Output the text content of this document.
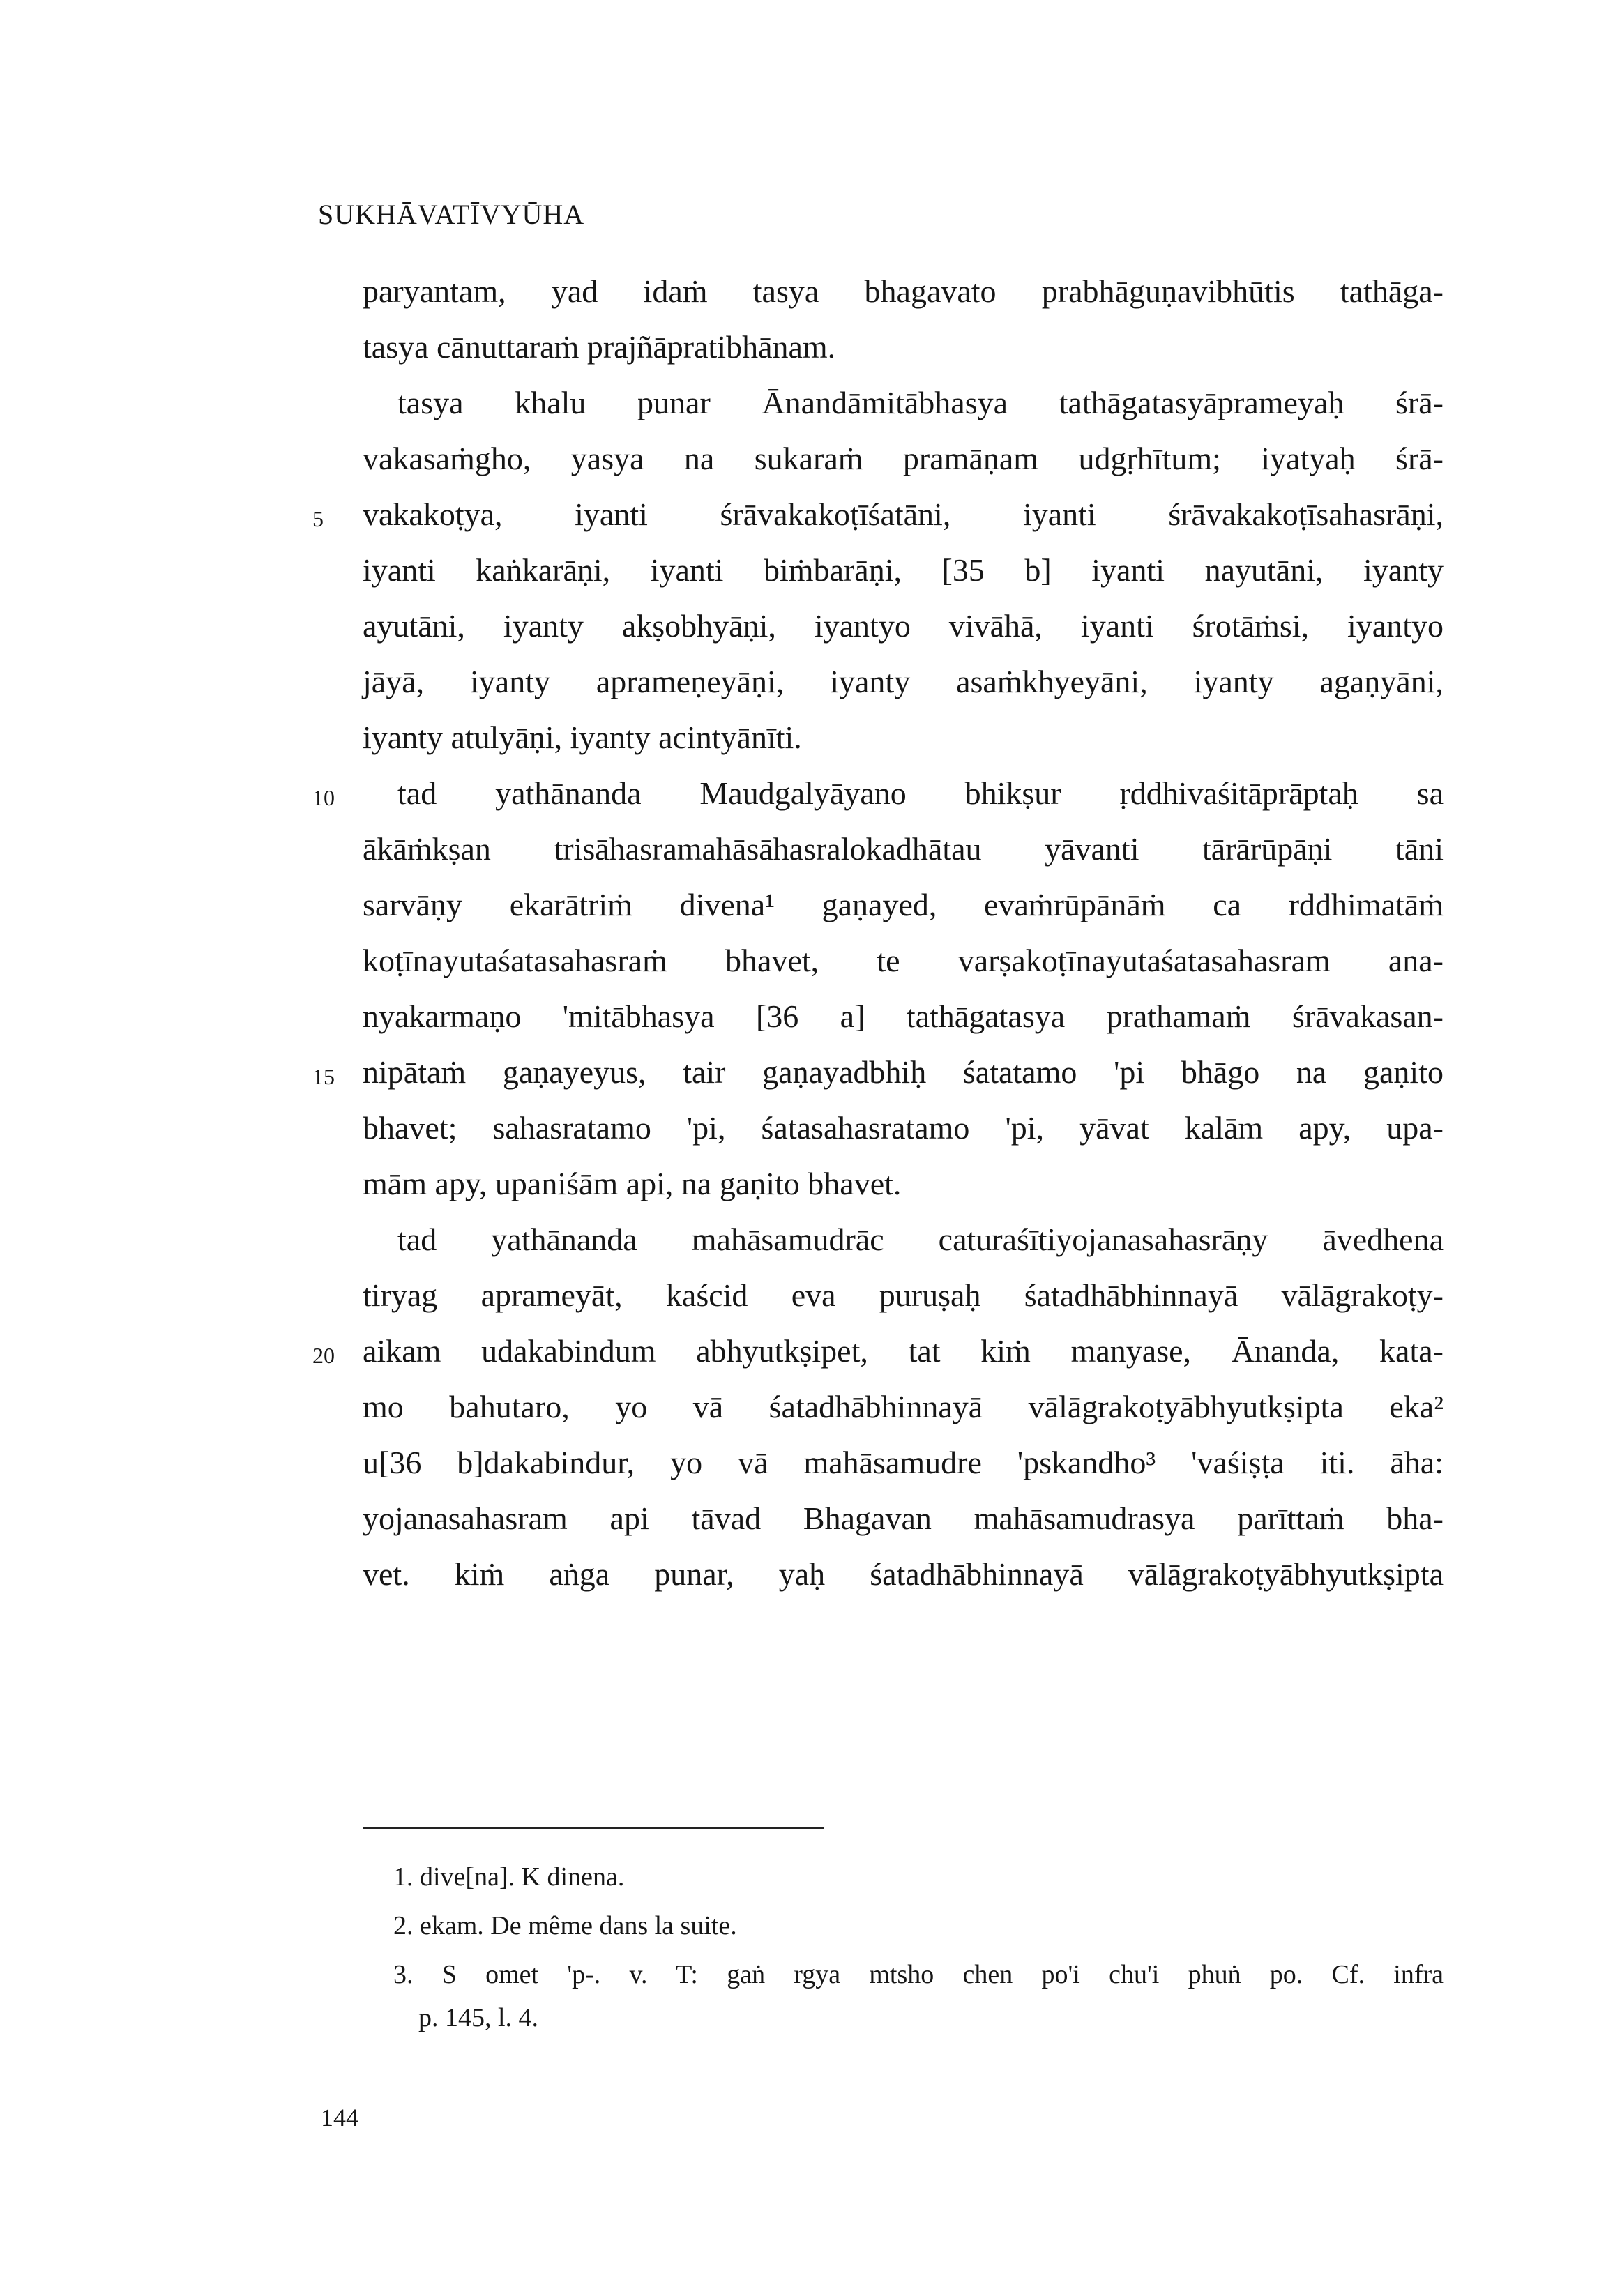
SUKHĀVATĪVYŪHA
paryantam, yad idaṁ tasya bhagavato prabhāguṇavibhūtis tathāga-
tasya cānuttaraṁ prajñāpratibhānam.
tasya khalu punar Ānandāmitābhasya tathāgatasyāprameyaḥ śrā-
vakasaṁgho, yasya na sukaraṁ pramāṇam udgṛhītum; iyatyaḥ śrā-
vakakoṭya, iyanti śrāvakakoṭīśatāni, iyanti śrāvakakoṭīsahasrāṇi,
iyanti kaṅkarāṇi, iyanti biṁbarāṇi, [35 b] iyanti nayutāni, iyanty
ayutāni, iyanty akṣobhyāṇi, iyantyo vivāhā, iyanti śrotāṁsi, iyantyo
jāyā, iyanty aprameṇeyāṇi, iyanty asaṁkhyeyāni, iyanty agaṇyāni,
iyanty atulyāṇi, iyanty acintyānīti.
tad yathānanda Maudgalyāyano bhikṣur ṛddhivaśitāprāptaḥ sa
ākāṁkṣan trisāhasramahāsāhasralokadhātau yāvanti tārārūpāṇi tāni
sarvāṇy ekarātriṁ divena¹ gaṇayed, evaṁrūpānāṁ ca rddhimatāṁ
koṭīnayutaśatasahasraṁ bhavet, te varṣakoṭīnayutaśatasahasram ana-
nyakarmaṇo 'mitābhasya [36 a] tathāgatasya prathamaṁ śrāvakasan-
nipātaṁ gaṇayeyus, tair gaṇayadbhiḥ śatatamo 'pi bhāgo na gaṇito
bhavet; sahasratamo 'pi, śatasahasratamo 'pi, yāvat kalām apy, upa-
mām apy, upaniśām api, na gaṇito bhavet.
tad yathānanda mahāsamudrāc caturaśītiyojanasahasrāṇy āvedhena
tiryag aprameyāt, kaścid eva puruṣaḥ śatadhābhinnayā vālāgrakoṭy-
aikam udakabindum abhyutkṣipet, tat kiṁ manyase, Ānanda, kata-
mo bahutaro, yo vā śatadhābhinnayā vālāgrakoṭyābhyutkṣipta eka²
u[36 b]dakabindur, yo vā mahāsamudre 'pskandho³ 'vaśiṣṭa iti. āha:
yojanasahasram api tāvad Bhagavan mahāsamudrasya parīttaṁ bha-
vet. kiṁ aṅga punar, yaḥ śatadhābhinnayā vālāgrakoṭyābhyutkṣipta
5
10
15
20
1. dive[na]. K dinena.
2. ekam. De même dans la suite.
3. S omet 'p-. v. T: gaṅ rgya mtsho chen po'i chu'i phuṅ po. Cf. infra
p. 145, l. 4.
144
